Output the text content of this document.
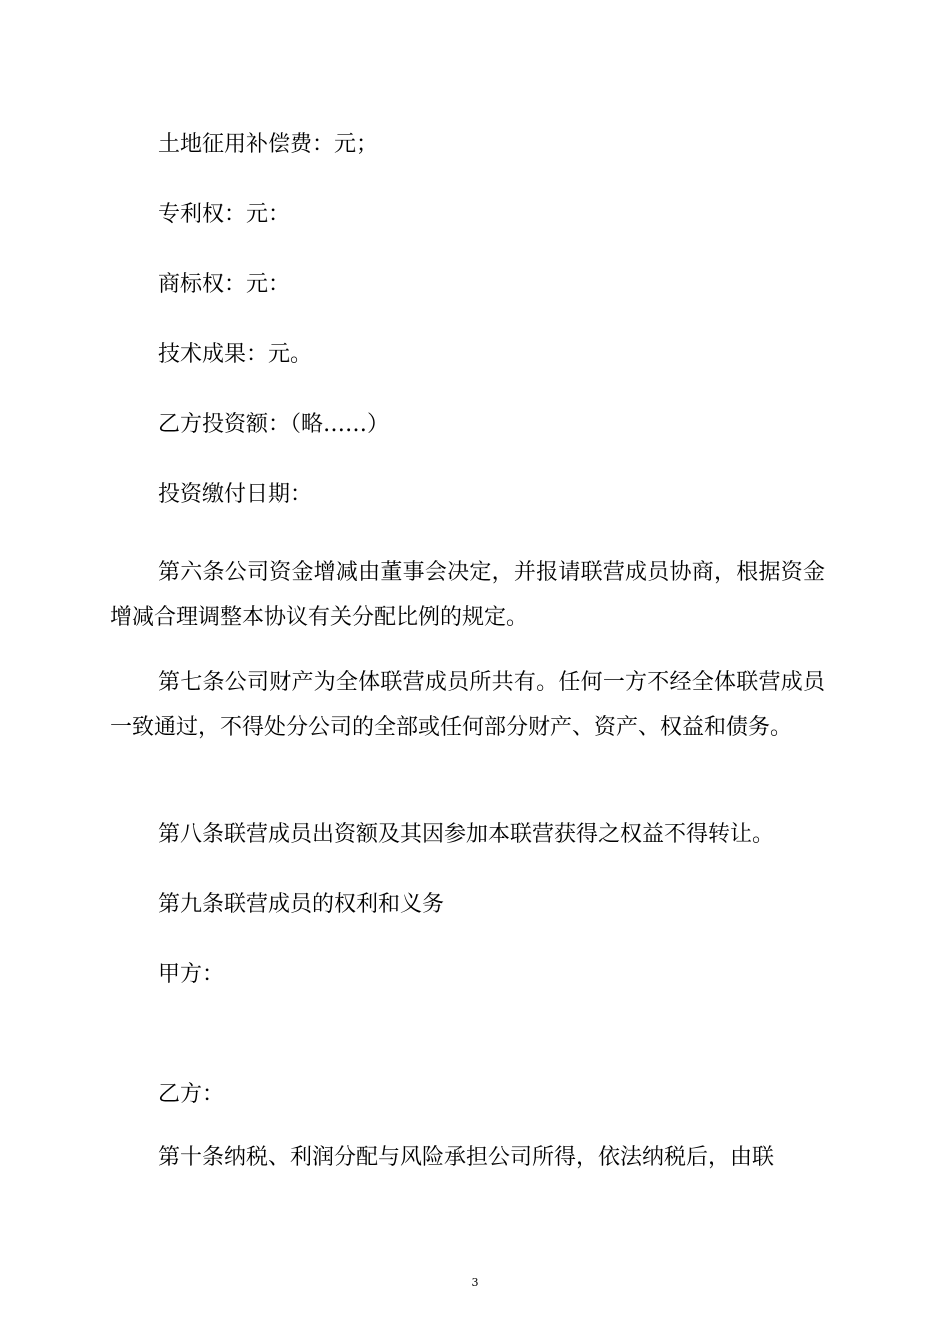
土地征用补偿费：元；

专利权：元：

商标权：元：

技术成果：元。

乙方投资额：（略……）

投资缴付日期：

第六条公司资金增减由董事会决定，并报请联营成员协商，根据资金增减合理调整本协议有关分配比例的规定。

第七条公司财产为全体联营成员所共有。任何一方不经全体联营成员一致通过，不得处分公司的全部或任何部分财产、资产、权益和债务。

第八条联营成员出资额及其因参加本联营获得之权益不得转让。

第九条联营成员的权利和义务

甲方：

乙方：

第十条纳税、利润分配与风险承担公司所得，依法纳税后，由联

3
